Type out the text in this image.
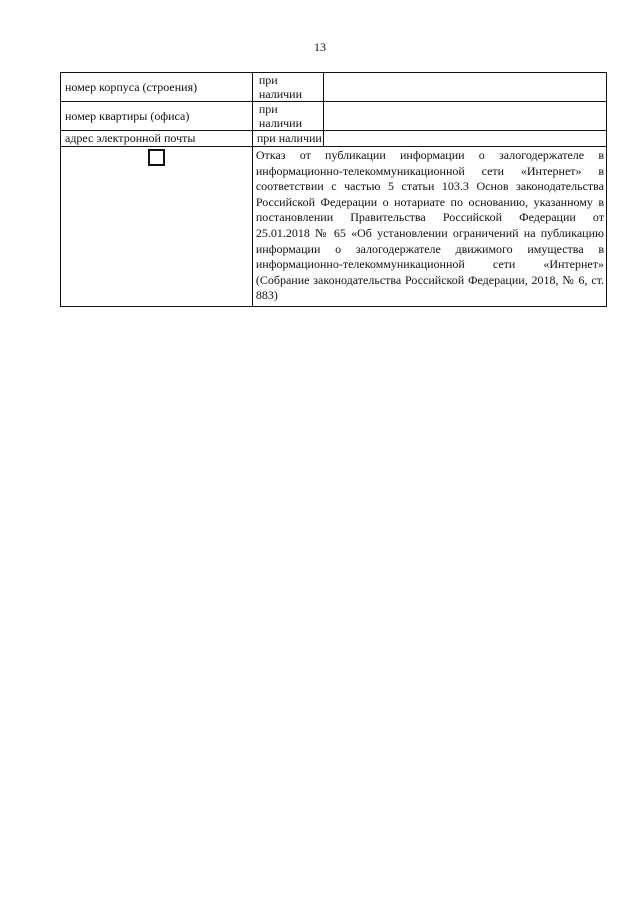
13
номер корпуса (строения)	при наличии	
номер квартиры (офиса)	при наличии	
адрес электронной почты	при наличии	
	Отказ от публикации информации о залогодержателе в информационно-телекоммуникационной сети «Интернет» в соответствии с частью 5 статьи 103.3 Основ законодательства Российской Федерации о нотариате по основанию, указанному в постановлении Правительства Российской Федерации от 25.01.2018 № 65 «Об установлении ограничений на публикацию информации о залогодержателе движимого имущества в информационно-телекоммуникационной сети «Интернет» (Собрание законодательства Российской Федерации, 2018, № 6, ст. 883)	
